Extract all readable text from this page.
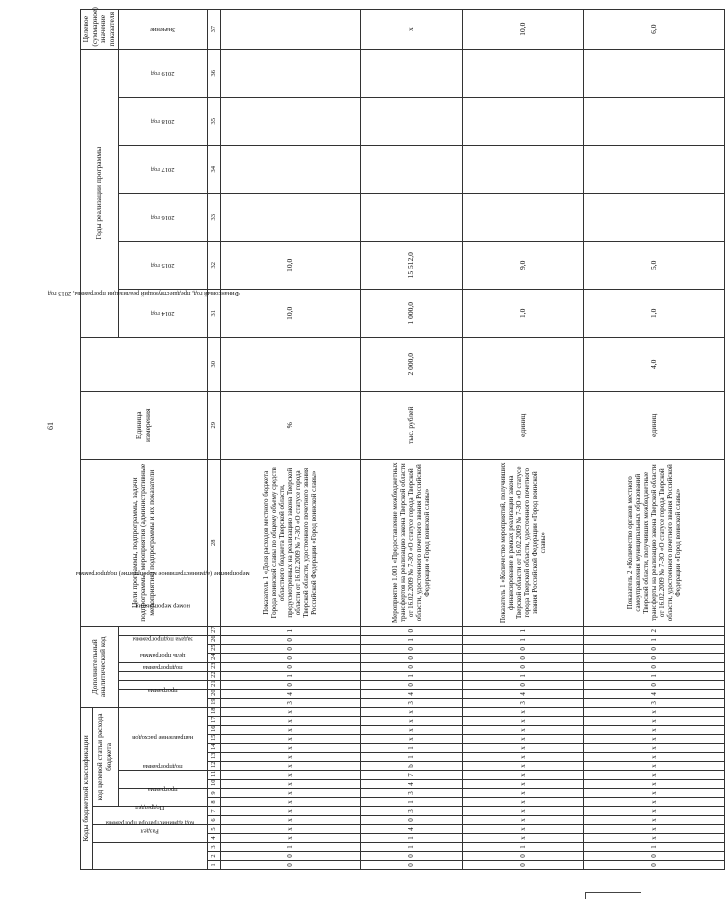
61
Коды бюджетной классификации																		Дополнительный аналитический код									Цели программы, подпрограммы, задачи подпрограммы, мероприятия (административные мероприятия) подпрограммы и их показатели	Единица измерения	Финансовый год, предшествующий реализации программы, 2013 год	Годы реализации программы						Целевое (суммарное) значение показателя
код администратора программы			Раздел		Подраздел		код целевой статьи расхода бюджета																													
							программа		подпрограмма		направление расходов							программа		подпрограмма	цель программы	задача подпрограммы	мероприятие (административное мероприятие) подпрограммы			номер мероприятия				2014 год	2015 год	2016 год	2017 год	2018 год	2019 год	Значение

1	2	3	4	5	6	7	8	9	10	11	12	13	14	15	16	17	18	19	20	21	22	23	24	25	26	27	28	29	30	31	32	33	34	35	36	37
0	0	1	x	x	x	x	x	x	x	x	x	x	x	x	x	x	x	3	4	0	1	0	0	0	0	1	Показатель 1 «Доля расходов местного бюджета Города воинской славы по общему объему средств областного бюджета Тверской области, предусмотренных на реализацию закона Тверской области от 16.02.2009 № 7-ЗО «О статусе города Тверской области, удостоенного почетного звания Российской Федерации «Город воинской славы»	%		10,0	10,0					
0	0	1	1	4	0	3	1	3	4	7	b	1	1	x	x	x	x	3	4	0	1	0	0	0	1	0	Мероприятие 1.001 «Предоставление межбюджетных трансфертов на реализацию закона Тверской области от 16.02.2009 № 7-ЗО «О статусе города Тверской области, удостоенного почетного звания Российской Федерации «Город воинской славы»	тыс. рублей	2 000,0	1 000,0	15 512,0					x
0	0	1	x	x	x	x	x	x	x	x	x	x	x	x	x	x	x	3	4	0	1	0	0	0	1	1	Показатель 1 «Количество мероприятий, получивших финансирование в рамках реализации закона Тверской области от 16.02.2009 № 7-ЗО «О статусе города Тверской области, удостоенного почетного звания Российской Федерации «Город воинской славы»	единиц		1,0	9,0					10,0
0	0	1	x	x	x	x	x	x	x	x	x	x	x	x	x	x	x	3	4	0	1	0	0	0	1	2	Показатель 2 «Количество органов местного самоуправления муниципальных образований Тверской области, получивших межбюджетные трансферты на реализацию закона Тверской области от 16.02.2009 № 7-ЗО «О статусе города Тверской области, удостоенного почетного звания Российской Федерации «Город воинской славы»	единиц	4,0	1,0	5,0					6,0
